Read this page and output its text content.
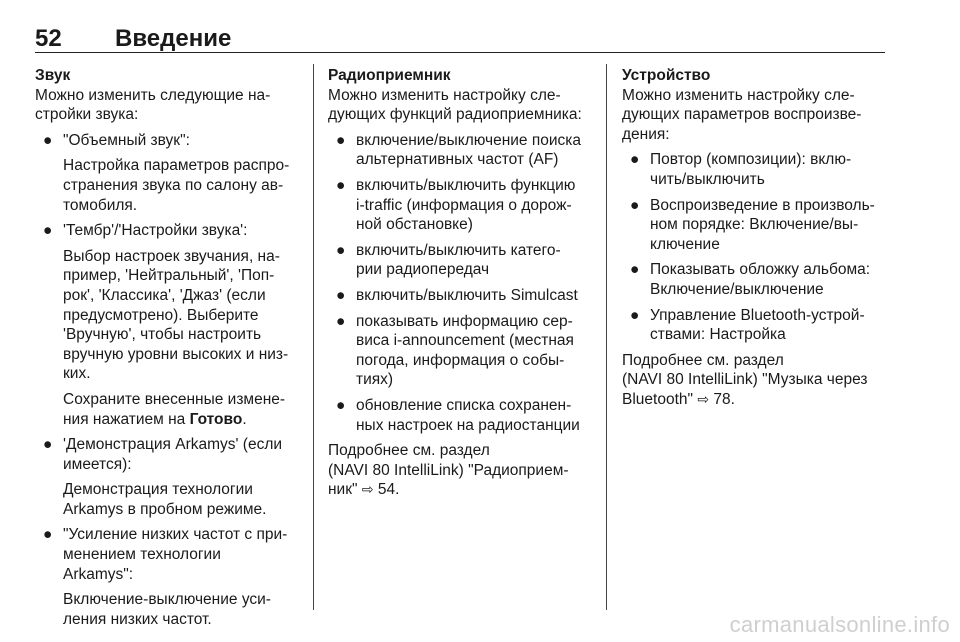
52 Введение
Звук
Можно изменить следующие на-
стройки звука:
● "Объемный звук":
Настройка параметров распро-
странения звука по салону ав-
томобиля.
● 'Тембр'/'Настройки звука':
Выбор настроек звучания, на-
пример, 'Нейтральный', 'Поп-
рок', 'Классика', 'Джаз' (если
предусмотрено). Выберите
'Вручную', чтобы настроить
вручную уровни высоких и низ-
ких.
Сохраните внесенные измене-
ния нажатием на Готово.
● 'Демонстрация Arkamys' (если
имеется):
Демонстрация технологии
Arkamys в пробном режиме.
● "Усиление низких частот с при-
менением технологии
Arkamys":
Включение-выключение уси-
ления низких частот.
Радиоприемник
Можно изменить настройку сле-
дующих функций радиоприемника:
● включение/выключение поиска
альтернативных частот (AF)
● включить/выключить функцию
i-traffic (информация о дорож-
ной обстановке)
● включить/выключить катего-
рии радиопередач
● включить/выключить Simulcast
● показывать информацию сер-
виса i-announcement (местная
погода, информация о собы-
тиях)
● обновление списка сохранен-
ных настроек на радиостанции
Подробнее см. раздел
(NAVI 80 IntelliLink) "Радиоприем-
ник" ⇨ 54.
Устройство
Можно изменить настройку сле-
дующих параметров воспроизве-
дения:
● Повтор (композиции): вклю-
чить/выключить
● Воспроизведение в произволь-
ном порядке: Включение/вы-
ключение
● Показывать обложку альбома:
Включение/выключение
● Управление Bluetooth-устрой-
ствами: Настройка
Подробнее см. раздел
(NAVI 80 IntelliLink) "Музыка через
Bluetooth" ⇨ 78.
carmanualsonline.info
